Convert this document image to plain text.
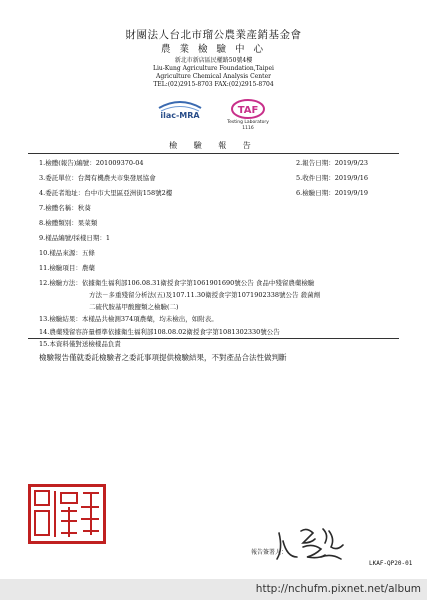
財團法人台北市瑠公農業產銷基金會
農 業 檢 驗 中 心
新北市新店區民權路50號4樓
Liu-Kung Agriculture Foundation,Taipei
Agriculture Chemical Analysis Center
TEL:(02)2915-8703 FAX:(02)2915-8704
ilac-MRA	TAF
Testing Laboratory
1116
檢 驗 報 告
2.報告日期：2019/9/23
5.收件日期：2019/9/16
6.檢驗日期：2019/9/19
1.檢體(報告)編號：201009370-04
3.委託單位：台灣有機農夫市集發展協會
4.委託者地址：台中市大里區亞洲街158號2樓
7.檢體名稱：秋葵
8.檢體類別：果菜類
9.樣品編號/採樣日期：1
10.樣品來源：五條
11.檢驗項目：農藥
12.檢驗方法：依據衛生福利部106.08.31衛授食字第1061901690號公告 食品中殘留農藥檢驗
方法－多重殘留分析法(五)及107.11.30衛授食字第1071902338號公告 殺菌劑
二硫代胺基甲酸鹽類之檢驗(二)
13.檢驗結果：本樣品共檢測374項農藥，均未檢出，如附表。
14.農藥殘留容許量標準依據衛生福利部108.08.02衛授食字第1081302330號公告
15.本資料僅對送檢樣品負責
檢驗報告僅就委託檢驗者之委託事項提供檢驗結果，不對產品合法性做判斷
報告簽署人：
LKAF-QP20-01
http://nchufm.pixnet.net/album
